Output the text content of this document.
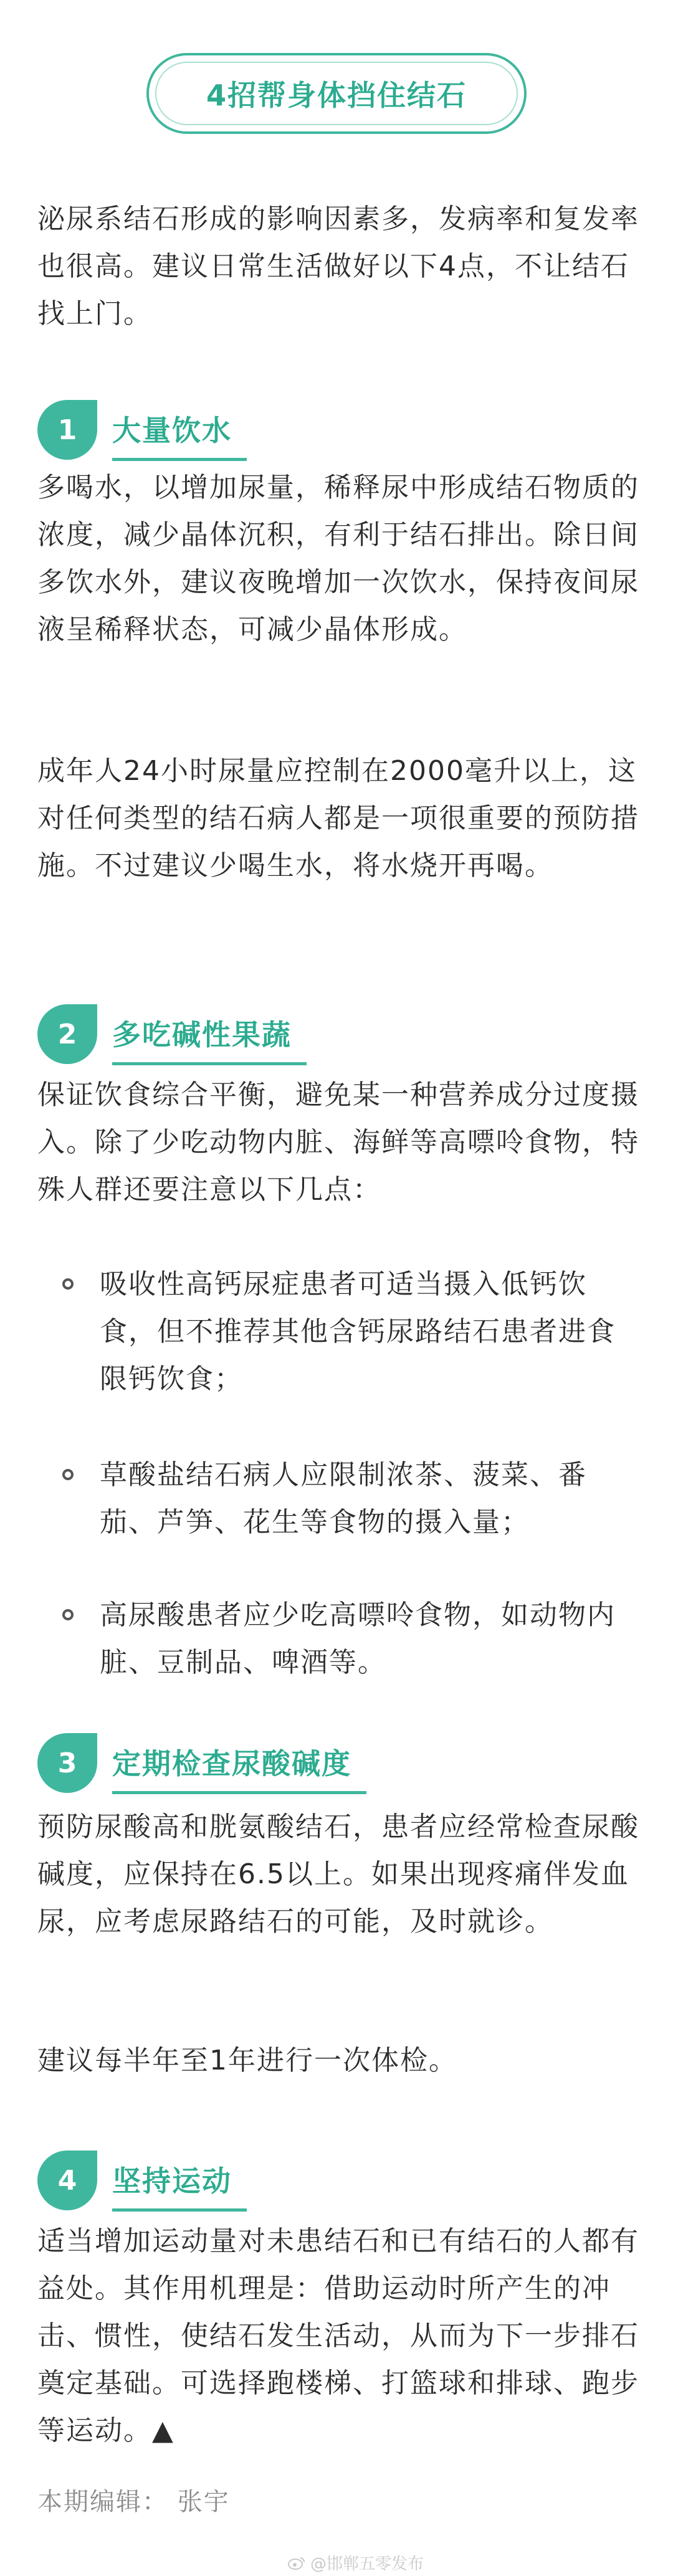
4招帮身体挡住结石

泌尿系结石形成的影响因素多，发病率和复发率也很高。建议日常生活做好以下4点，不让结石找上门。

1	大量饮水

多喝水，以增加尿量，稀释尿中形成结石物质的浓度，减少晶体沉积，有利于结石排出。除日间多饮水外，建议夜晚增加一次饮水，保持夜间尿液呈稀释状态，可减少晶体形成。

成年人24小时尿量应控制在2000毫升以上，这对任何类型的结石病人都是一项很重要的预防措施。不过建议少喝生水，将水烧开再喝。

2	多吃碱性果蔬

保证饮食综合平衡，避免某一种营养成分过度摄入。除了少吃动物内脏、海鲜等高嘌呤食物，特殊人群还要注意以下几点：

吸收性高钙尿症患者可适当摄入低钙饮食，但不推荐其他含钙尿路结石患者进食限钙饮食；
草酸盐结石病人应限制浓茶、菠菜、番茄、芦笋、花生等食物的摄入量；
高尿酸患者应少吃高嘌呤食物，如动物内脏、豆制品、啤酒等。
3	定期检查尿酸碱度

预防尿酸高和胱氨酸结石，患者应经常检查尿酸碱度，应保持在6.5以上。如果出现疼痛伴发血尿，应考虑尿路结石的可能，及时就诊。

建议每半年至1年进行一次体检。

4	坚持运动

适当增加运动量对未患结石和已有结石的人都有益处。其作用机理是：借助运动时所产生的冲击、惯性，使结石发生活动，从而为下一步排石奠定基础。可选择跑楼梯、打篮球和排球、跑步等运动。▲

本期编辑： 张宇
@邯郸五零发布
